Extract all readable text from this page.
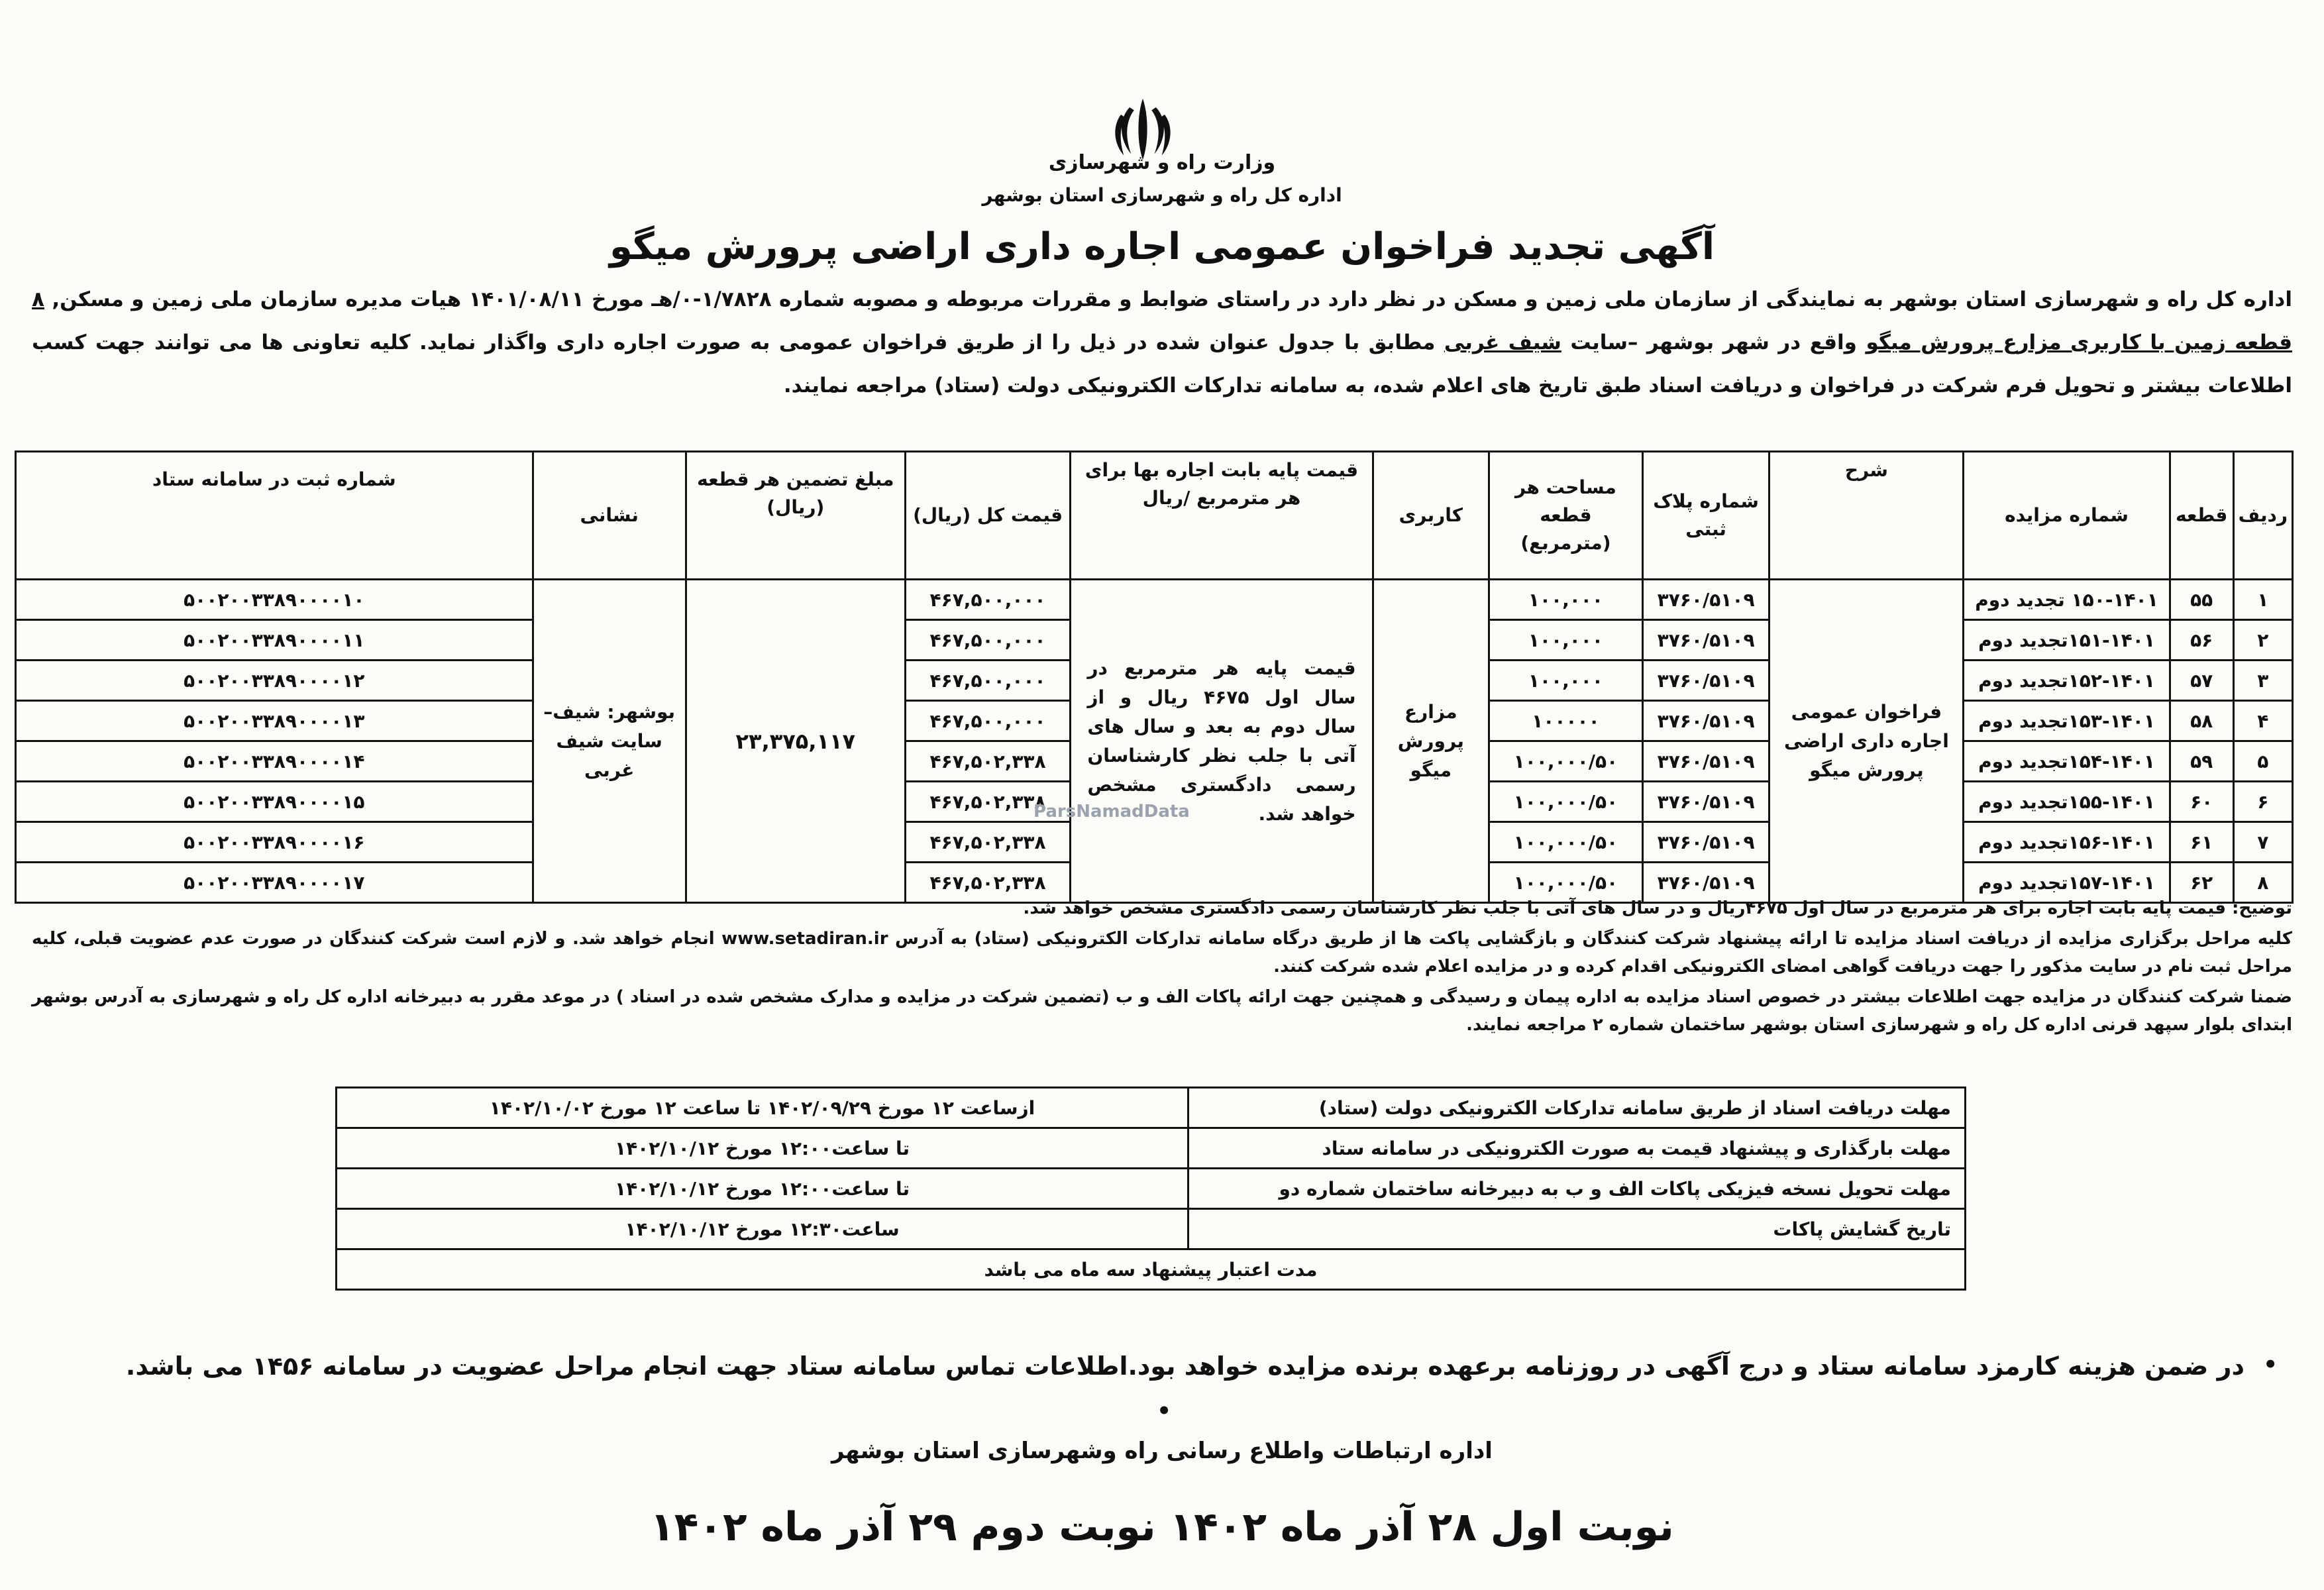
وزارت راه و شهرسازی
اداره کل راه و شهرسازی استان بوشهر
آگهی تجدید فراخوان عمومی اجاره داری اراضی پرورش میگو
اداره کل راه و شهرسازی استان بوشهر به نمایندگی از سازمان ملی زمین و مسکن در نظر دارد در راستای ضوابط و مقررات مربوطه و مصوبه شماره ۱/۷۸۲۸-۰/هـ مورخ ۱۴۰۱/۰۸/۱۱ هیات مدیره سازمان ملی زمین و مسکن, ۸ قطعه زمین با کاربری مزارع پرورش میگو واقع در شهر بوشهر –سایت شیف غربی مطابق با جدول عنوان شده در ذیل را از طریق فراخوان عمومی به صورت اجاره داری واگذار نماید. کلیه تعاونی ها می توانند جهت کسب اطلاعات بیشتر و تحویل فرم شرکت در فراخوان و دریافت اسناد طبق تاریخ های اعلام شده، به سامانه تدارکات الکترونیکی دولت (ستاد) مراجعه نمایند.
ردیف	قطعه	شماره مزایده	شرح	شماره پلاک ثبتی	مساحت هر قطعه (مترمربع)	کاربری	قیمت پایه بابت اجاره بها برای هر مترمربع /ریال	قیمت کل (ریال)	مبلغ تضمین هر قطعه (ریال)	نشانی	شماره ثبت در سامانه ستاد
۱	۵۵	۱۵۰-۱۴۰۱ تجدید دوم	فراخوان عمومی اجاره داری اراضی پرورش میگو	۳۷۶۰/۵۱۰۹	۱۰۰,۰۰۰	مزارع پرورش میگو	قیمت پایه هر مترمربع در سال اول ۴۶۷۵ ریال و از سال دوم به بعد و سال های آتی با جلب نظر کارشناسان رسمی دادگستری مشخص خواهد شد.	۴۶۷,۵۰۰,۰۰۰	۲۳,۳۷۵,۱۱۷	بوشهر: شیف–سایت شیف غربی	۵۰۰۲۰۰۳۳۸۹۰۰۰۰۱۰
۲	۵۶	۱۵۱-۱۴۰۱تجدید دوم		۳۷۶۰/۵۱۰۹	۱۰۰,۰۰۰			۴۶۷,۵۰۰,۰۰۰			۵۰۰۲۰۰۳۳۸۹۰۰۰۰۱۱
۳	۵۷	۱۵۲-۱۴۰۱تجدید دوم		۳۷۶۰/۵۱۰۹	۱۰۰,۰۰۰			۴۶۷,۵۰۰,۰۰۰			۵۰۰۲۰۰۳۳۸۹۰۰۰۰۱۲
۴	۵۸	۱۵۳-۱۴۰۱تجدید دوم		۳۷۶۰/۵۱۰۹	۱۰۰۰۰۰			۴۶۷,۵۰۰,۰۰۰			۵۰۰۲۰۰۳۳۸۹۰۰۰۰۱۳
۵	۵۹	۱۵۴-۱۴۰۱تجدید دوم		۳۷۶۰/۵۱۰۹	۱۰۰,۰۰۰/۵۰			۴۶۷,۵۰۲,۳۳۸			۵۰۰۲۰۰۳۳۸۹۰۰۰۰۱۴
۶	۶۰	۱۵۵-۱۴۰۱تجدید دوم		۳۷۶۰/۵۱۰۹	۱۰۰,۰۰۰/۵۰			۴۶۷,۵۰۲,۳۳۸			۵۰۰۲۰۰۳۳۸۹۰۰۰۰۱۵
۷	۶۱	۱۵۶-۱۴۰۱تجدید دوم		۳۷۶۰/۵۱۰۹	۱۰۰,۰۰۰/۵۰			۴۶۷,۵۰۲,۳۳۸			۵۰۰۲۰۰۳۳۸۹۰۰۰۰۱۶
۸	۶۲	۱۵۷-۱۴۰۱تجدید دوم		۳۷۶۰/۵۱۰۹	۱۰۰,۰۰۰/۵۰			۴۶۷,۵۰۲,۳۳۸			۵۰۰۲۰۰۳۳۸۹۰۰۰۰۱۷
ParsNamadData

توضیح: قیمت پایه بابت اجاره برای هر مترمربع در سال اول ۴۶۷۵ریال و در سال های آتی با جلب نظر کارشناسان رسمی دادگستری مشخص خواهد شد.

کلیه مراحل برگزاری مزایده از دریافت اسناد مزایده تا ارائه پیشنهاد شرکت کنندگان و بازگشایی پاکت ها از طریق درگاه سامانه تدارکات الکترونیکی (ستاد) به آدرس www.setadiran.ir انجام خواهد شد. و لازم است شرکت کنندگان در صورت عدم عضویت قبلی، کلیه مراحل ثبت نام در سایت مذکور را جهت دریافت گواهی امضای الکترونیکی اقدام کرده و در مزایده اعلام شده شرکت کنند.

ضمنا شرکت کنندگان در مزایده جهت اطلاعات بیشتر در خصوص اسناد مزایده به اداره پیمان و رسیدگی و همچنین جهت ارائه پاکات الف و ب (تضمین شرکت در مزایده و مدارک مشخص شده در اسناد ) در موعد مقرر به دبیرخانه اداره کل راه و شهرسازی به آدرس بوشهر ابتدای بلوار سپهد قرنی اداره کل راه و شهرسازی استان بوشهر ساختمان شماره ۲ مراجعه نمایند.

مهلت دریافت اسناد از طریق سامانه تدارکات الکترونیکی دولت (ستاد)	ازساعت ۱۲ مورخ ۱۴۰۲/۰۹/۲۹ تا ساعت ۱۲ مورخ ۱۴۰۲/۱۰/۰۲
مهلت بارگذاری و پیشنهاد قیمت به صورت الکترونیکی در سامانه ستاد	تا ساعت۱۲:۰۰ مورخ ۱۴۰۲/۱۰/۱۲
مهلت تحویل نسخه فیزیکی پاکات الف و ب به دبیرخانه ساختمان شماره دو	تا ساعت۱۲:۰۰ مورخ ۱۴۰۲/۱۰/۱۲
تاریخ گشایش پاکات	ساعت۱۲:۳۰ مورخ ۱۴۰۲/۱۰/۱۲
مدت اعتبار پیشنهاد سه ماه می باشد	
•
در ضمن هزینه کارمزد سامانه ستاد و درج آگهی در روزنامه برعهده برنده مزایده خواهد بود.اطلاعات تماس سامانه ستاد جهت انجام مراحل عضویت در سامانه ۱۴۵۶ می باشد.
•
اداره ارتباطات واطلاع رسانی راه وشهرسازی استان بوشهر
نوبت اول ۲۸ آذر ماه ۱۴۰۲ نوبت دوم ۲۹ آذر ماه ۱۴۰۲
